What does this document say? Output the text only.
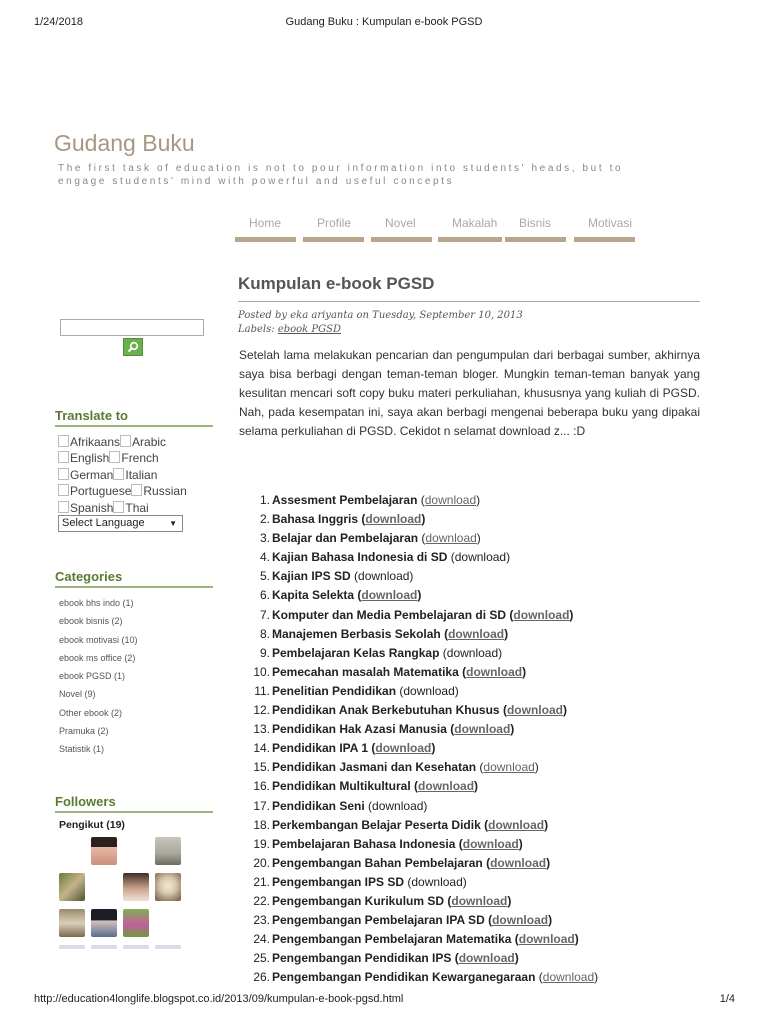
1/24/2018	Gudang Buku : Kumpulan e-book PGSD
Gudang Buku
The first task of education is not to pour information into students' heads, but to engage students' mind with powerful and useful concepts
Home	Profile	Novel	Makalah	Bisnis	Motivasi
Kumpulan e-book PGSD
Posted by eka ariyanta on Tuesday, September 10, 2013
Labels: ebook PGSD

Setelah lama melakukan pencarian dan pengumpulan dari berbagai sumber, akhirnya saya bisa berbagi dengan teman-teman bloger. Mungkin teman-teman banyak yang kesulitan mencari soft copy buku materi perkuliahan, khususnya yang kuliah di PGSD. Nah, pada kesempatan ini, saya akan berbagi mengenai beberapa buku yang dipakai selama perkuliahan di PGSD. Cekidot n selamat download z... :D

1. Assesment Pembelajaran (download)
2. Bahasa Inggris (download)
3. Belajar dan Pembelajaran (download)
4. Kajian Bahasa Indonesia di SD (download)
5. Kajian IPS SD (download)
6. Kapita Selekta (download)
7. Komputer dan Media Pembelajaran di SD (download)
8. Manajemen Berbasis Sekolah (download)
9. Pembelajaran Kelas Rangkap (download)
10. Pemecahan masalah Matematika (download)
11. Penelitian Pendidikan (download)
12. Pendidikan Anak Berkebutuhan Khusus (download)
13. Pendidikan Hak Azasi Manusia (download)
14. Pendidikan IPA 1 (download)
15. Pendidikan Jasmani dan Kesehatan (download)
16. Pendidikan Multikultural (download)
17. Pendidikan Seni (download)
18. Perkembangan Belajar Peserta Didik (download)
19. Pembelajaran Bahasa Indonesia (download)
20. Pengembangan Bahan Pembelajaran (download)
21. Pengembangan IPS SD (download)
22. Pengembangan Kurikulum SD (download)
23. Pengembangan Pembelajaran IPA SD (download)
24. Pengembangan Pembelajaran Matematika (download)
25. Pengembangan Pendidikan IPS (download)
26. Pengembangan Pendidikan Kewarganegaraan (download)
Translate to
Afrikaans Arabic
English French
German Italian
Portuguese Russian
Spanish Thai

Select Language	▼
Categories
ebook bhs indo (1)
ebook bisnis (2)
ebook motivasi (10)
ebook ms office (2)
ebook PGSD (1)
Novel (9)
Other ebook (2)
Pramuka (2)
Statistik (1)
Followers
Pengikut (19)
http://education4longlife.blogspot.co.id/2013/09/kumpulan-e-book-pgsd.html	1/4
